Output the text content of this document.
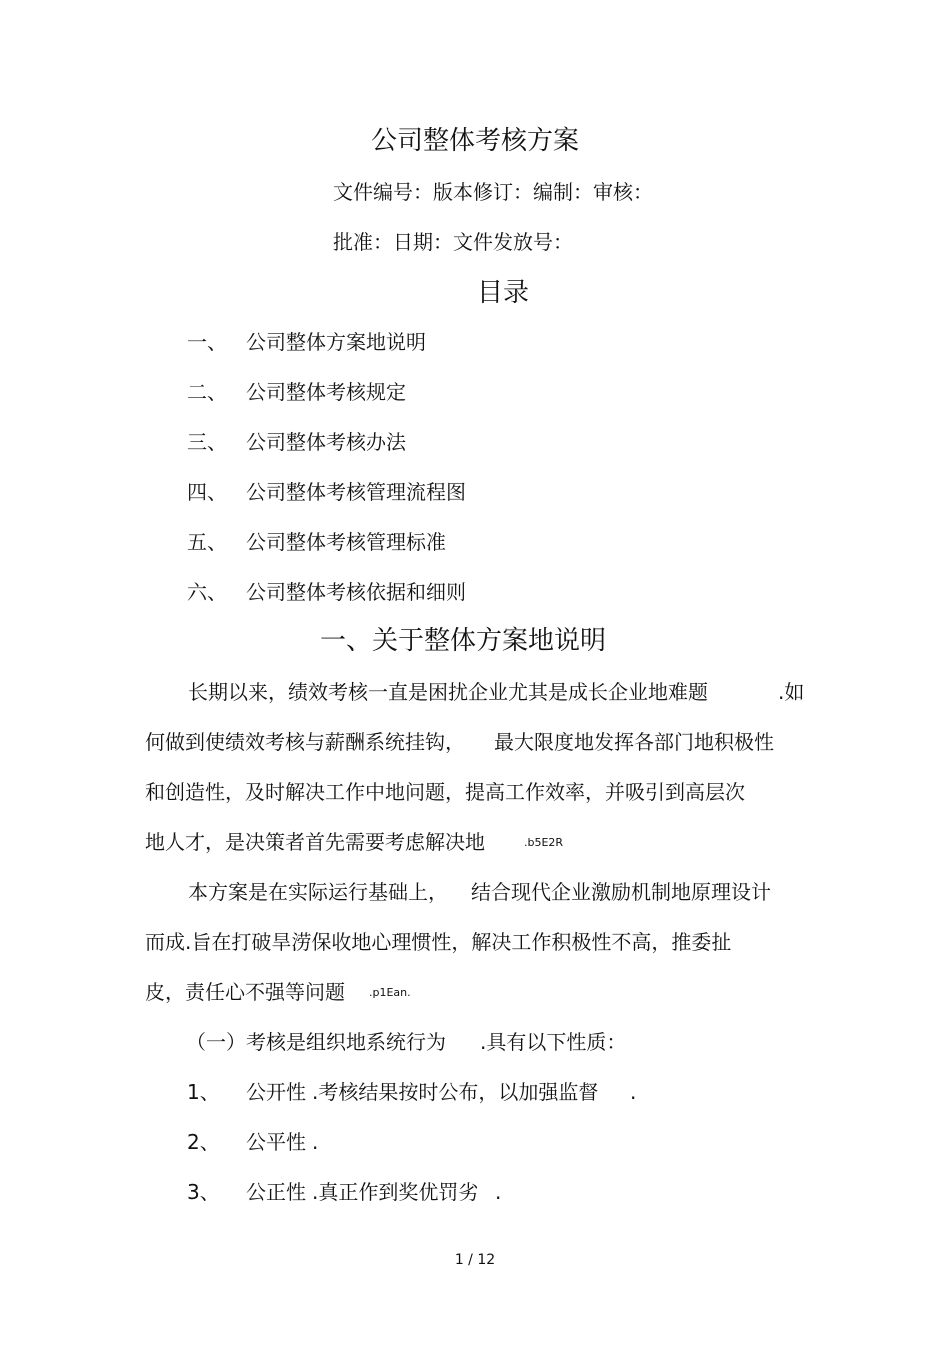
公司整体考核方案
文件编号：版本修订：编制：审核：
批准：日期：文件发放号：
目录
一、 公司整体方案地说明
二、 公司整体考核规定
三、 公司整体考核办法
四、 公司整体考核管理流程图
五、 公司整体考核管理标准
六、 公司整体考核依据和细则
一、关于整体方案地说明
长期以来，绩效考核一直是困扰企业尤其是成长企业地难题	.如
何做到使绩效考核与薪酬系统挂钩， 最大限度地发挥各部门地积极性
和创造性，及时解决工作中地问题，提高工作效率，并吸引到高层次
地人才，是决策者首先需要考虑解决地	.b5E2R
本方案是在实际运行基础上， 结合现代企业激励机制地原理设计
而成.旨在打破旱涝保收地心理惯性，解决工作积极性不高，推委扯
皮，责任心不强等问题 .p1Ean.
（一）考核是组织地系统行为 .具有以下性质：
1、 公开性 .考核结果按时公布，以加强监督 .
2、 公平性 .
3、 公正性 .真正作到奖优罚劣 .
1 / 12
